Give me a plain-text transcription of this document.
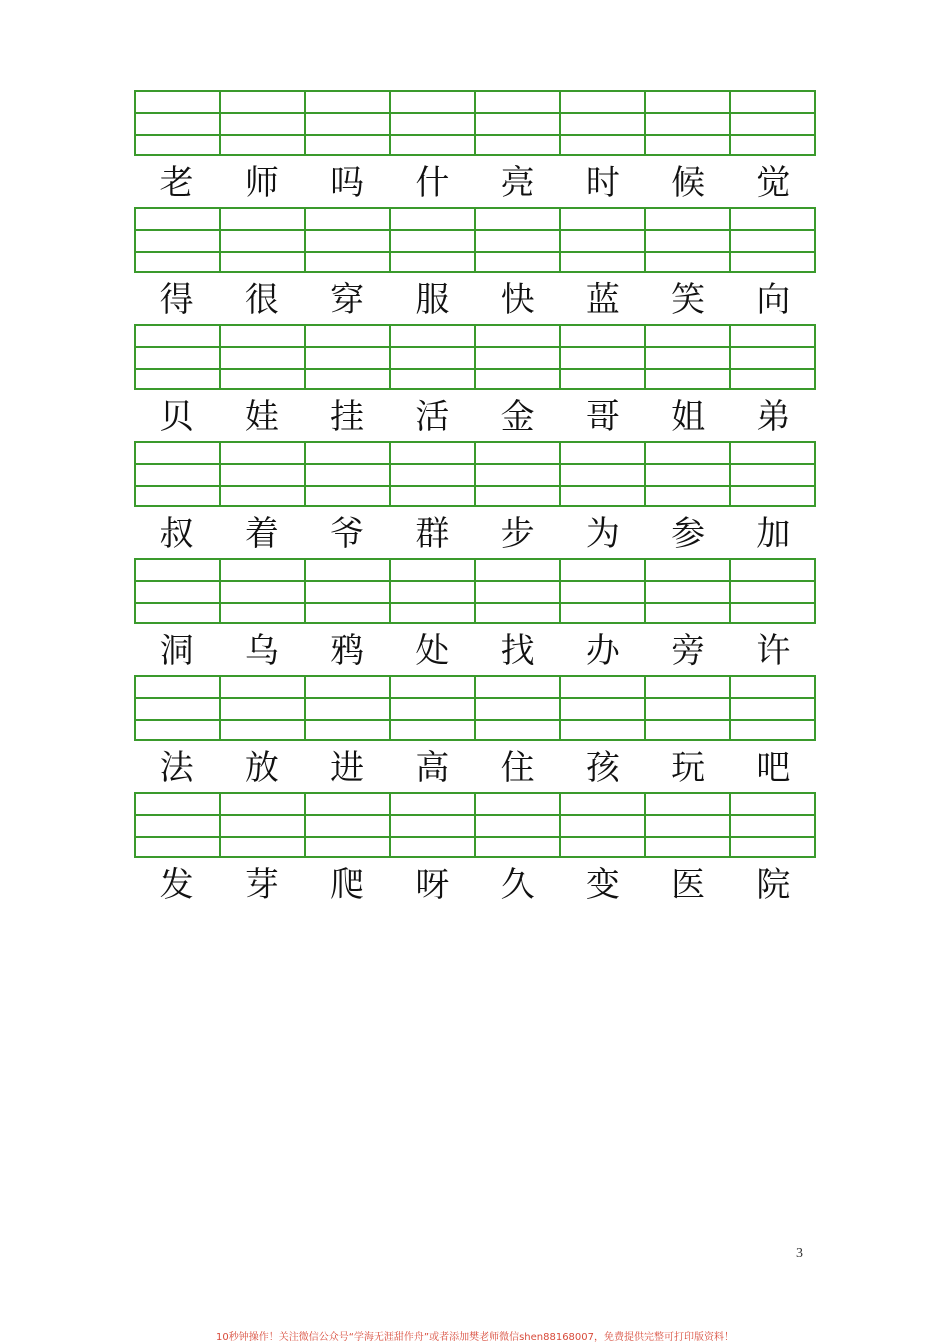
老	师	吗	什	亮	时	候	觉
得	很	穿	服	快	蓝	笑	向
贝	娃	挂	活	金	哥	姐	弟
叔	着	爷	群	步	为	参	加
洞	乌	鸦	处	找	办	旁	许
法	放	进	高	住	孩	玩	吧
发	芽	爬	呀	久	变	医	院
3
10秒钟操作！关注微信公众号“学海无涯甜作舟”或者添加樊老师微信shen88168007，免费提供完整可打印版资料！
